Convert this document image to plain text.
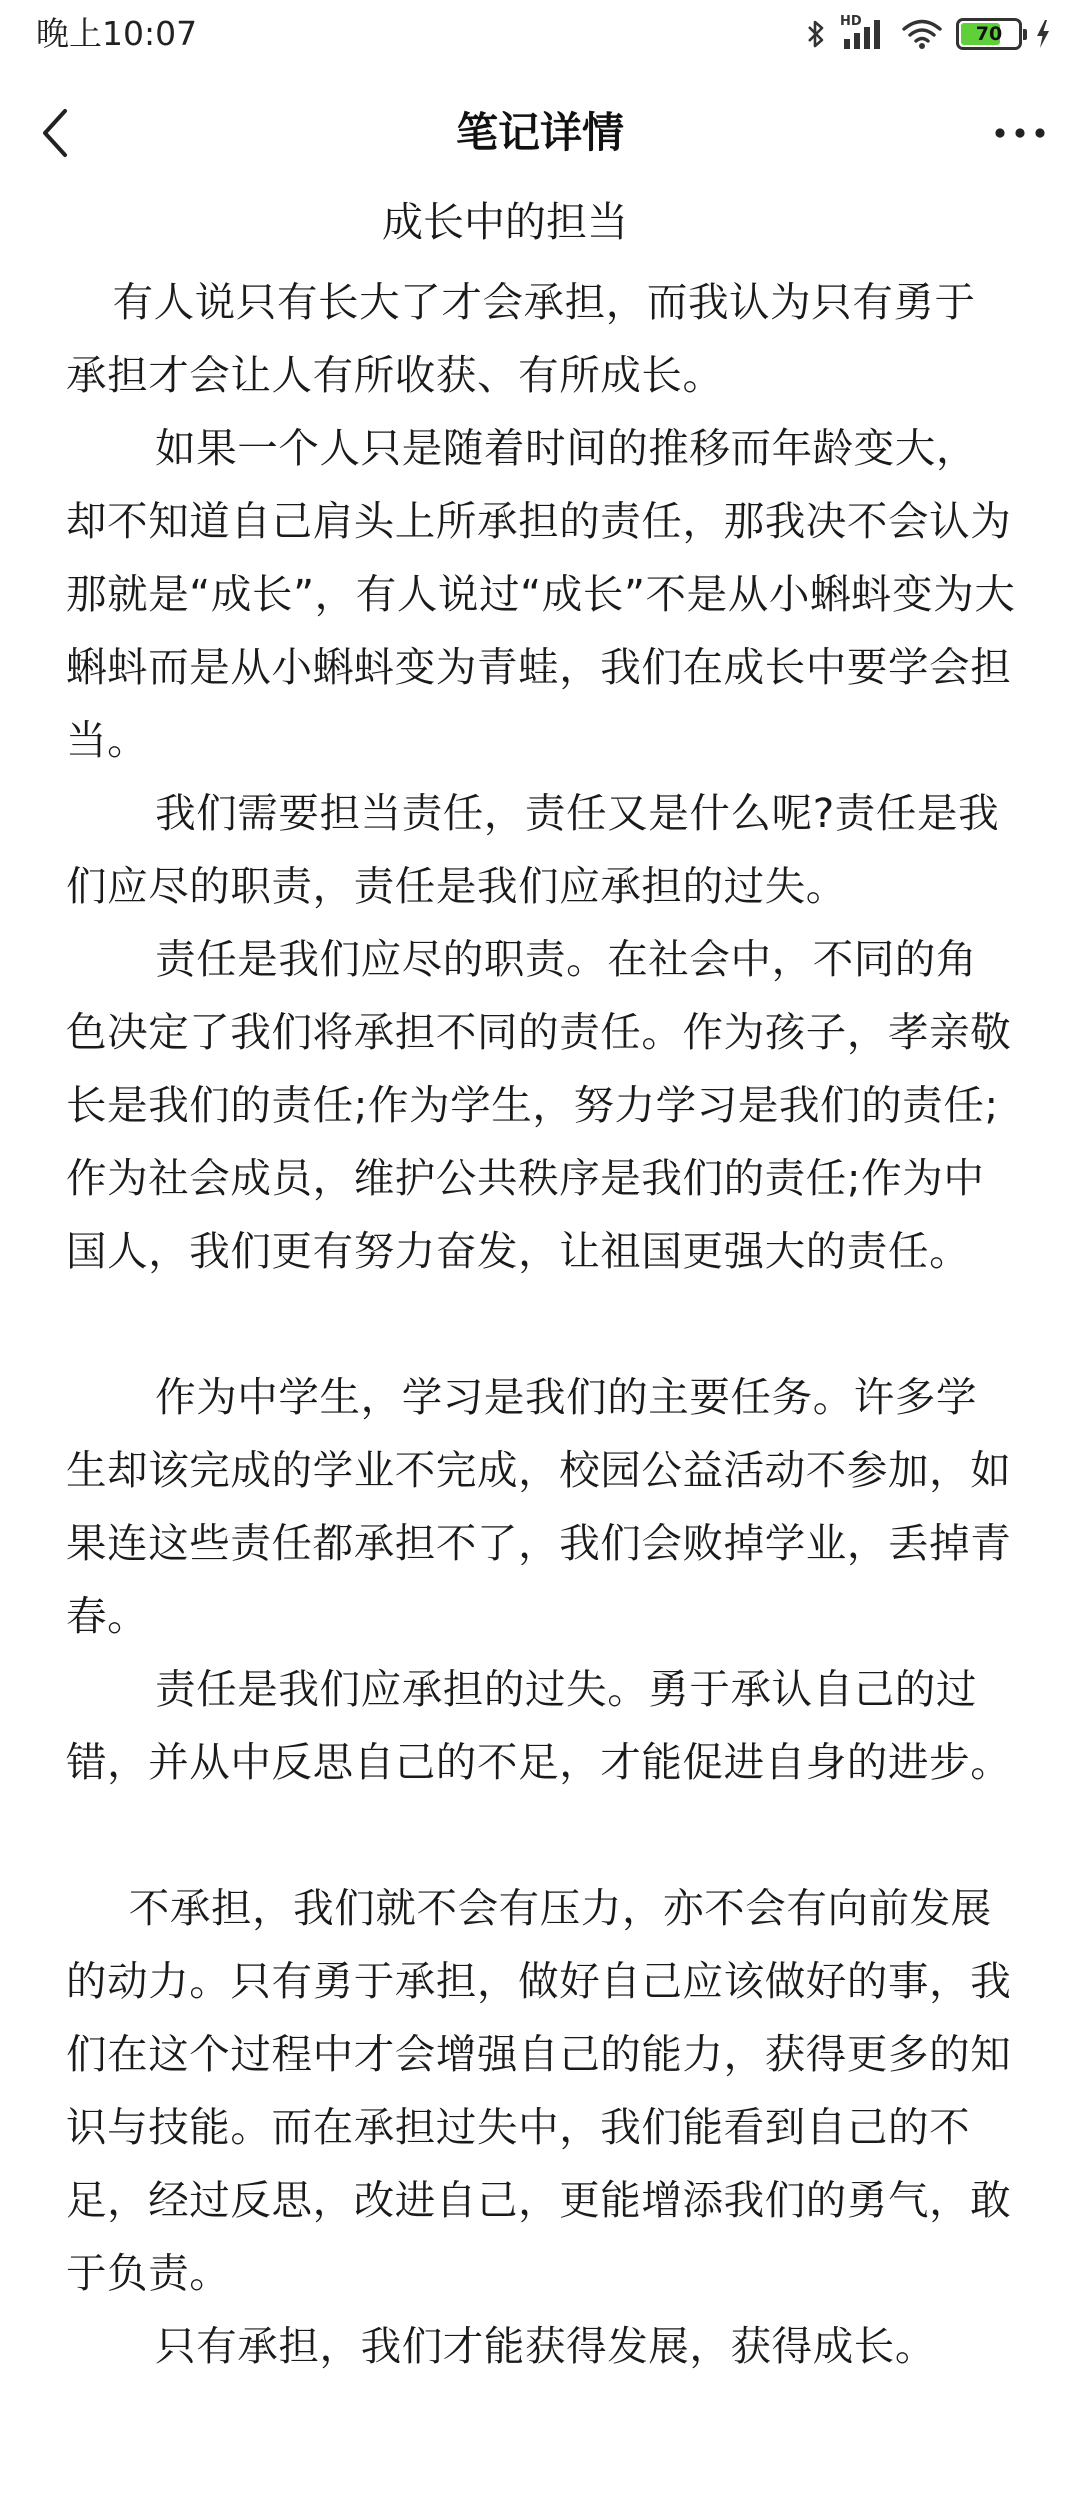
晚上10:07	HD
70
笔记详情
成长中的担当

有人说只有长大了才会承担，而我认为只有勇于承担才会让人有所收获、有所成长。

如果一个人只是随着时间的推移而年龄变大，却不知道自己肩头上所承担的责任，那我决不会认为那就是“成长”，有人说过“成长”不是从小蝌蚪变为大蝌蚪而是从小蝌蚪变为青蛙，我们在成长中要学会担当。

我们需要担当责任，责任又是什么呢?责任是我们应尽的职责，责任是我们应承担的过失。

责任是我们应尽的职责。在社会中，不同的角色决定了我们将承担不同的责任。作为孩子，孝亲敬长是我们的责任;作为学生，努力学习是我们的责任;作为社会成员，维护公共秩序是我们的责任;作为中国人，我们更有努力奋发，让祖国更强大的责任。

作为中学生，学习是我们的主要任务。许多学生却该完成的学业不完成，校园公益活动不参加，如果连这些责任都承担不了，我们会败掉学业，丢掉青春。

责任是我们应承担的过失。勇于承认自己的过错，并从中反思自己的不足，才能促进自身的进步。

不承担，我们就不会有压力，亦不会有向前发展的动力。只有勇于承担，做好自己应该做好的事，我们在这个过程中才会增强自己的能力，获得更多的知识与技能。而在承担过失中，我们能看到自己的不足，经过反思，改进自己，更能增添我们的勇气，敢于负责。

只有承担，我们才能获得发展，获得成长。
